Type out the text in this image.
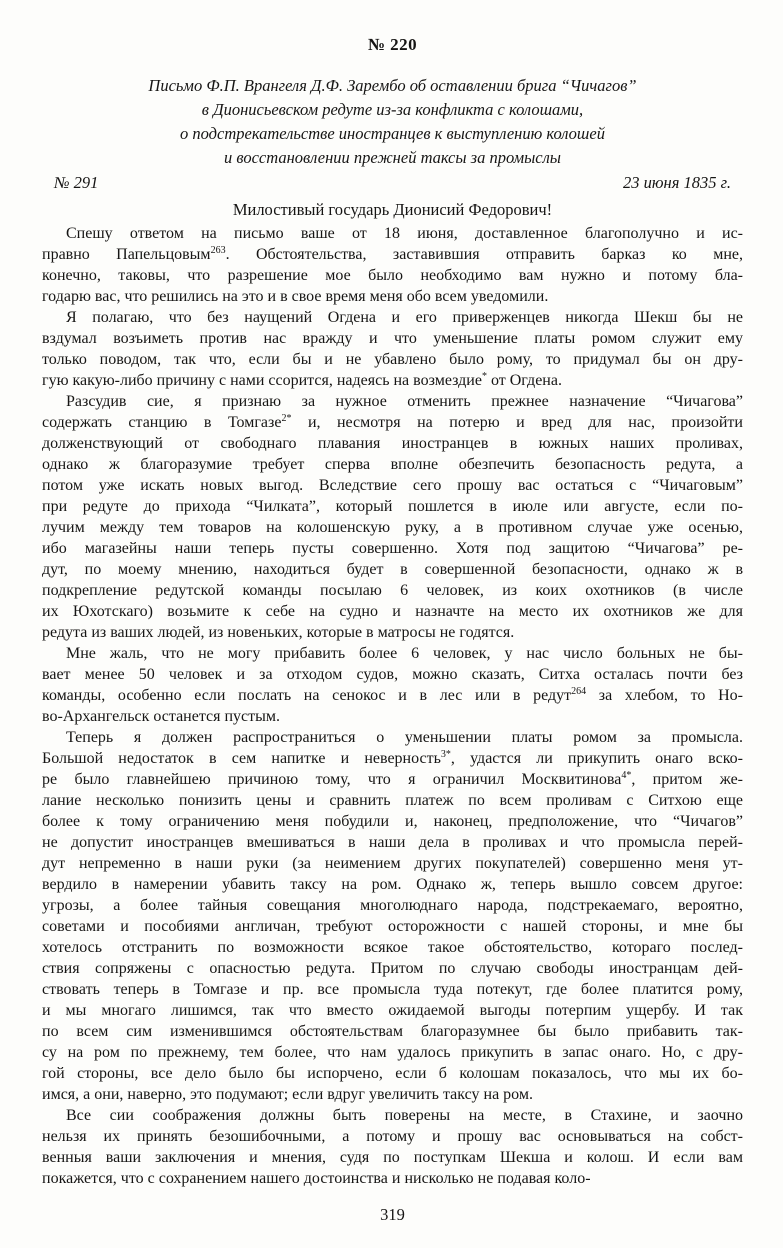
№ 220
Письмо Ф.П. Врангеля Д.Ф. Зарембо об оставлении брига “Чичагов”
в Дионисьевском редуте из-за конфликта с колошами,
о подстрекательстве иностранцев к выступлению колошей
и восстановлении прежней таксы за промыслы
№ 291	23 июня 1835 г.
Милостивый государь Дионисий Федорович!
Спешу ответом на письмо ваше от 18 июня, доставленное благополучно и ис-
правно Папельцовым$^{263}$. Обстоятельства, заставившия отправить барказ ко мне,
конечно, таковы, что разрешение мое было необходимо вам нужно и потому бла-
годарю вас, что решились на это и в свое время меня обо всем уведомили.
Я полагаю, что без наущений Огдена и его приверженцев никогда Шекш бы не
вздумал возъиметь против нас вражду и что уменьшение платы ромом служит ему
только поводом, так что, если бы и не убавлено было рому, то придумал бы он дру-
гую какую-либо причину с нами ссорится, надеясь на возмездие* от Огдена.
Разсудив сие, я признаю за нужное отменить прежнее назначение “Чичагова”
содержать станцию в Томгазе$^{2*}$ и, несмотря на потерю и вред для нас, произойти
долженствующий от свободнаго плавания иностранцев в южных наших проливах,
однако ж благоразумие требует сперва вполне обезпечить безопасность редута, а
потом уже искать новых выгод. Вследствие сего прошу вас остаться с “Чичаговым”
при редуте до прихода “Чилката”, который пошлется в июле или августе, если по-
лучим между тем товаров на колошенскую руку, а в противном случае уже осенью,
ибо магазейны наши теперь пусты совершенно. Хотя под защитою “Чичагова” ре-
дут, по моему мнению, находиться будет в совершенной безопасности, однако ж в
подкрепление редутской команды посылаю 6 человек, из коих охотников (в числе
их Юхотскаго) возьмите к себе на судно и назначте на место их охотников же для
редута из ваших людей, из новеньких, которые в матросы не годятся.
Мне жаль, что не могу прибавить более 6 человек, у нас число больных не бы-
вает менее 50 человек и за отходом судов, можно сказать, Ситха осталась почти без
команды, особенно если послать на сенокос и в лес или в редут$^{264}$ за хлебом, то Но-
во-Архангельск останется пустым.
Теперь я должен распространиться о уменьшении платы ромом за промысла.
Большой недостаток в сем напитке и неверность$^{3*}$, удастся ли прикупить онаго вско-
ре было главнейшею причиною тому, что я ограничил Москвитинова$^{4*}$, притом же-
лание несколько понизить цены и сравнить платеж по всем проливам с Ситхою еще
более к тому ограничению меня побудили и, наконец, предположение, что “Чичагов”
не допустит иностранцев вмешиваться в наши дела в проливах и что промысла перей-
дут непременно в наши руки (за неимением других покупателей) совершенно меня ут-
вердило в намерении убавить таксу на ром. Однако ж, теперь вышло совсем другое:
угрозы, а более тайныя совещания многолюднаго народа, подстрекаемаго, вероятно,
советами и пособиями англичан, требуют осторожности с нашей стороны, и мне бы
хотелось отстранить по возможности всякое такое обстоятельство, котораго послед-
ствия сопряжены с опасностью редута. Притом по случаю свободы иностранцам дей-
ствовать теперь в Томгазе и пр. все промысла туда потекут, где более платится рому,
и мы многаго лишимся, так что вместо ожидаемой выгоды потерпим ущербу. И так
по всем сим изменившимся обстоятельствам благоразумнее бы было прибавить так-
су на ром по прежнему, тем более, что нам удалось прикупить в запас онаго. Но, с дру-
гой стороны, все дело было бы испорчено, если б колошам показалось, что мы их бо-
имся, а они, наверно, это подумают; если вдруг увеличить таксу на ром.
Все сии соображения должны быть поверены на месте, в Стахине, и заочно
нельзя их принять безошибочными, а потому и прошу вас основываться на собст-
венныя ваши заключения и мнения, судя по поступкам Шекша и колош. И если вам
покажется, что с сохранением нашего достоинства и нисколько не подавая коло-
319
